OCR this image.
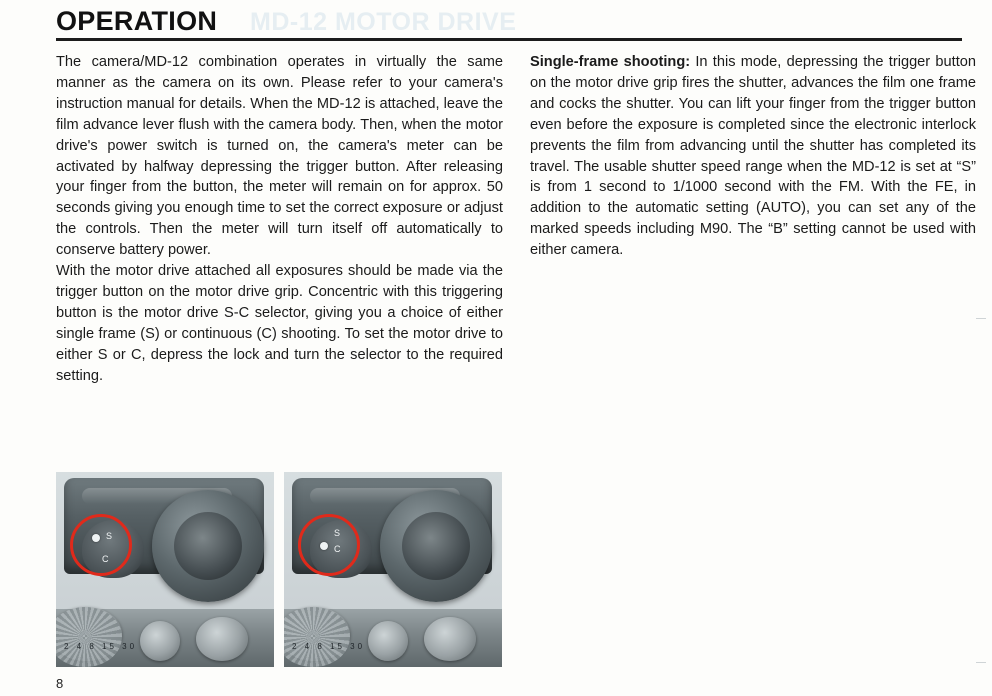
MD-12 MOTOR DRIVE
OPERATION

The camera/MD-12 combination operates in virtually the same manner as the camera on its own. Please refer to your camera's instruction manual for details. When the MD-12 is attached, leave the film advance lever flush with the camera body. Then, when the motor drive's power switch is turned on, the camera's meter can be activated by halfway depressing the trigger button. After releasing your finger from the button, the meter will remain on for approx. 50 seconds giving you enough time to set the correct exposure or adjust the controls. Then the meter will turn itself off automatically to conserve battery power.

With the motor drive attached all exposures should be made via the trigger button on the motor drive grip. Concentric with this triggering button is the motor drive S-C selector, giving you a choice of either single frame (S) or continuous (C) shooting. To set the motor drive to either S or C, depress the lock and turn the selector to the required setting.

Single-frame shooting: In this mode, depressing the trigger button on the motor drive grip fires the shutter, advances the film one frame and cocks the shutter. You can lift your finger from the trigger button even before the exposure is completed since the electronic interlock prevents the film from advancing until the shutter has completed its travel. The usable shutter speed range when the MD-12 is set at “S” is from 1 second to 1/1000 second with the FM. With the FE, in addition to the automatic setting (AUTO), you can set any of the marked speeds including M90. The “B” setting cannot be used with either camera.

S
C
2 4 8 15 30
S
C
2 4 8 15 30
8
